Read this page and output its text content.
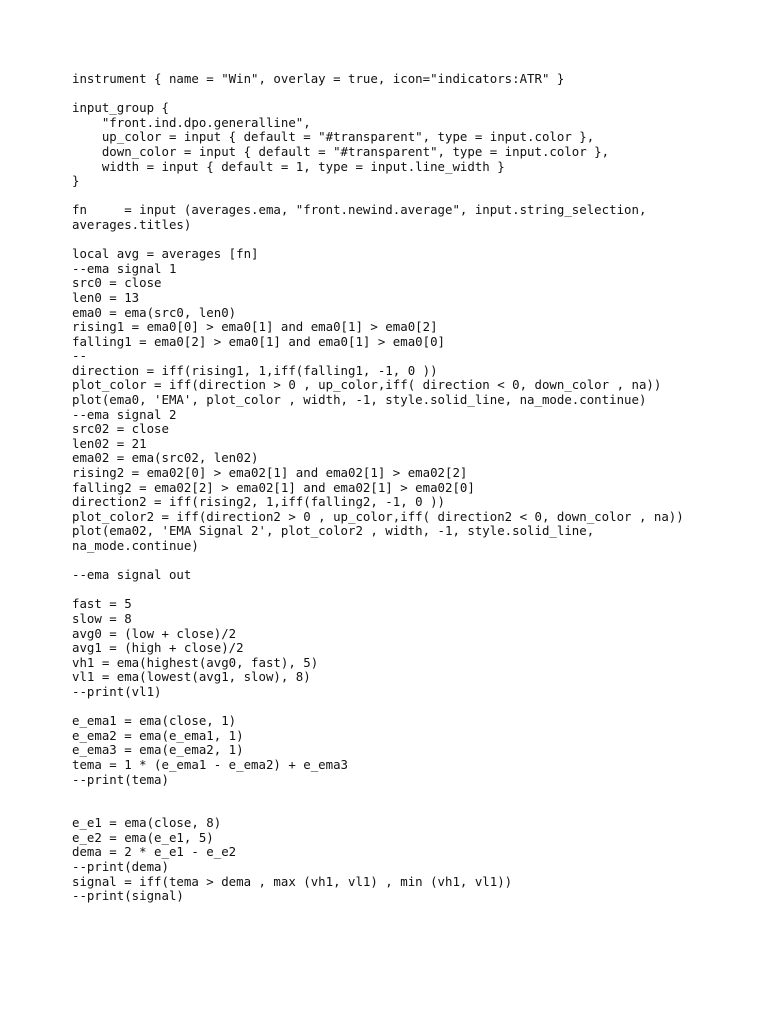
instrument { name = "Win", overlay = true, icon="indicators:ATR" }
input_group {
"front.ind.dpo.generalline",
up_color = input { default = "#transparent", type = input.color },
down_color = input { default = "#transparent", type = input.color },
width = input { default = 1, type = input.line_width }
}
fn     = input (averages.ema, "front.newind.average", input.string_selection,
averages.titles)
local avg = averages [fn]
--ema signal 1
src0 = close
len0 = 13
ema0 = ema(src0, len0)
rising1 = ema0[0] > ema0[1] and ema0[1] > ema0[2]
falling1 = ema0[2] > ema0[1] and ema0[1] > ema0[0]
--
direction = iff(rising1, 1,iff(falling1, -1, 0 ))
plot_color = iff(direction > 0 , up_color,iff( direction < 0, down_color , na))
plot(ema0, 'EMA', plot_color , width, -1, style.solid_line, na_mode.continue)
--ema signal 2
src02 = close
len02 = 21
ema02 = ema(src02, len02)
rising2 = ema02[0] > ema02[1] and ema02[1] > ema02[2]
falling2 = ema02[2] > ema02[1] and ema02[1] > ema02[0]
direction2 = iff(rising2, 1,iff(falling2, -1, 0 ))
plot_color2 = iff(direction2 > 0 , up_color,iff( direction2 < 0, down_color , na))
plot(ema02, 'EMA Signal 2', plot_color2 , width, -1, style.solid_line,
na_mode.continue)
--ema signal out
fast = 5
slow = 8
avg0 = (low + close)/2
avg1 = (high + close)/2
vh1 = ema(highest(avg0, fast), 5)
vl1 = ema(lowest(avg1, slow), 8)
--print(vl1)
e_ema1 = ema(close, 1)
e_ema2 = ema(e_ema1, 1)
e_ema3 = ema(e_ema2, 1)
tema = 1 * (e_ema1 - e_ema2) + e_ema3
--print(tema)
e_e1 = ema(close, 8)
e_e2 = ema(e_e1, 5)
dema = 2 * e_e1 - e_e2
--print(dema)
signal = iff(tema > dema , max (vh1, vl1) , min (vh1, vl1))
--print(signal)
